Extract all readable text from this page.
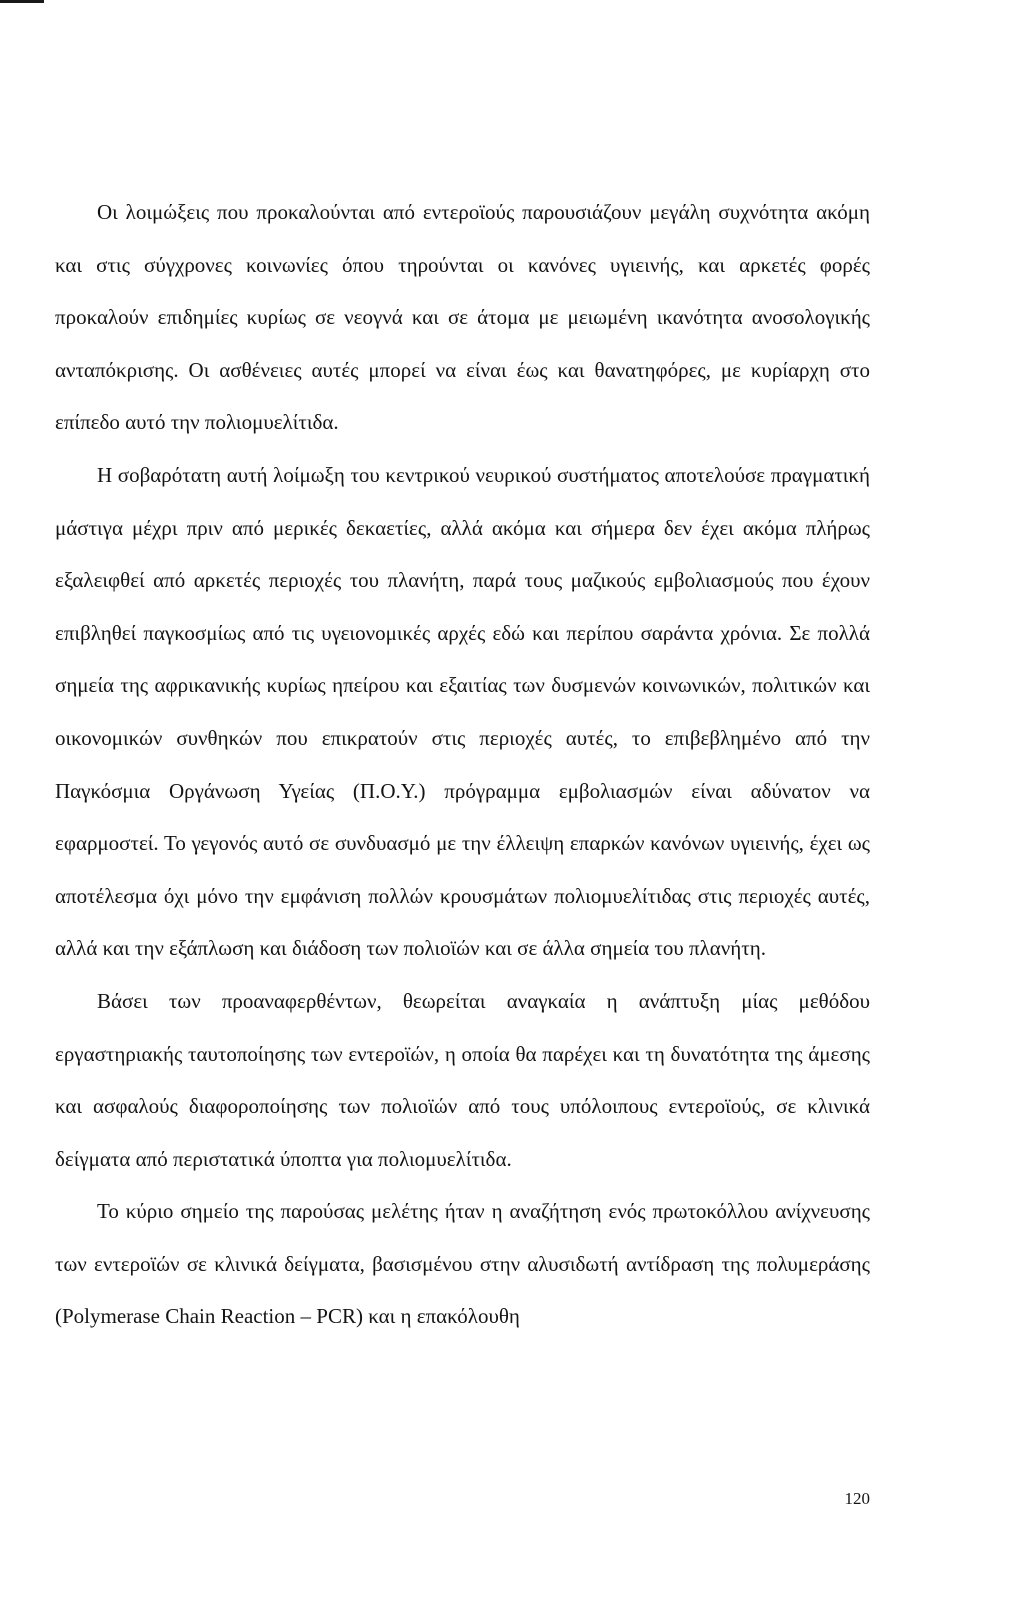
Οι λοιμώξεις που προκαλούνται από εντεροϊούς παρουσιάζουν μεγάλη συχνότητα ακόμη και στις σύγχρονες κοινωνίες όπου τηρούνται οι κανόνες υγιεινής, και αρκετές φορές προκαλούν επιδημίες κυρίως σε νεογνά και σε άτομα με μειωμένη ικανότητα ανοσολογικής ανταπόκρισης. Οι ασθένειες αυτές μπορεί να είναι έως και θανατηφόρες, με κυρίαρχη στο επίπεδο αυτό την πολιομυελίτιδα.

Η σοβαρότατη αυτή λοίμωξη του κεντρικού νευρικού συστήματος αποτελούσε πραγματική μάστιγα μέχρι πριν από μερικές δεκαετίες, αλλά ακόμα και σήμερα δεν έχει ακόμα πλήρως εξαλειφθεί από αρκετές περιοχές του πλανήτη, παρά τους μαζικούς εμβολιασμούς που έχουν επιβληθεί παγκοσμίως από τις υγειονομικές αρχές εδώ και περίπου σαράντα χρόνια. Σε πολλά σημεία της αφρικανικής κυρίως ηπείρου και εξαιτίας των δυσμενών κοινωνικών, πολιτικών και οικονομικών συνθηκών που επικρατούν στις περιοχές αυτές, το επιβεβλημένο από την Παγκόσμια Οργάνωση Υγείας (Π.Ο.Υ.) πρόγραμμα εμβολιασμών είναι αδύνατον να εφαρμοστεί. Το γεγονός αυτό σε συνδυασμό με την έλλειψη επαρκών κανόνων υγιεινής, έχει ως αποτέλεσμα όχι μόνο την εμφάνιση πολλών κρουσμάτων πολιομυελίτιδας στις περιοχές αυτές, αλλά και την εξάπλωση και διάδοση των πολιοϊών και σε άλλα σημεία του πλανήτη.

Βάσει των προαναφερθέντων, θεωρείται αναγκαία η ανάπτυξη μίας μεθόδου εργαστηριακής ταυτοποίησης των εντεροϊών, η οποία θα παρέχει και τη δυνατότητα της άμεσης και ασφαλούς διαφοροποίησης των πολιοϊών από τους υπόλοιπους εντεροϊούς, σε κλινικά δείγματα από περιστατικά ύποπτα για πολιομυελίτιδα.

Το κύριο σημείο της παρούσας μελέτης ήταν η αναζήτηση ενός πρωτοκόλλου ανίχνευσης των εντεροϊών σε κλινικά δείγματα, βασισμένου στην αλυσιδωτή αντίδραση της πολυμεράσης (Polymerase Chain Reaction – PCR) και η επακόλουθη

120
